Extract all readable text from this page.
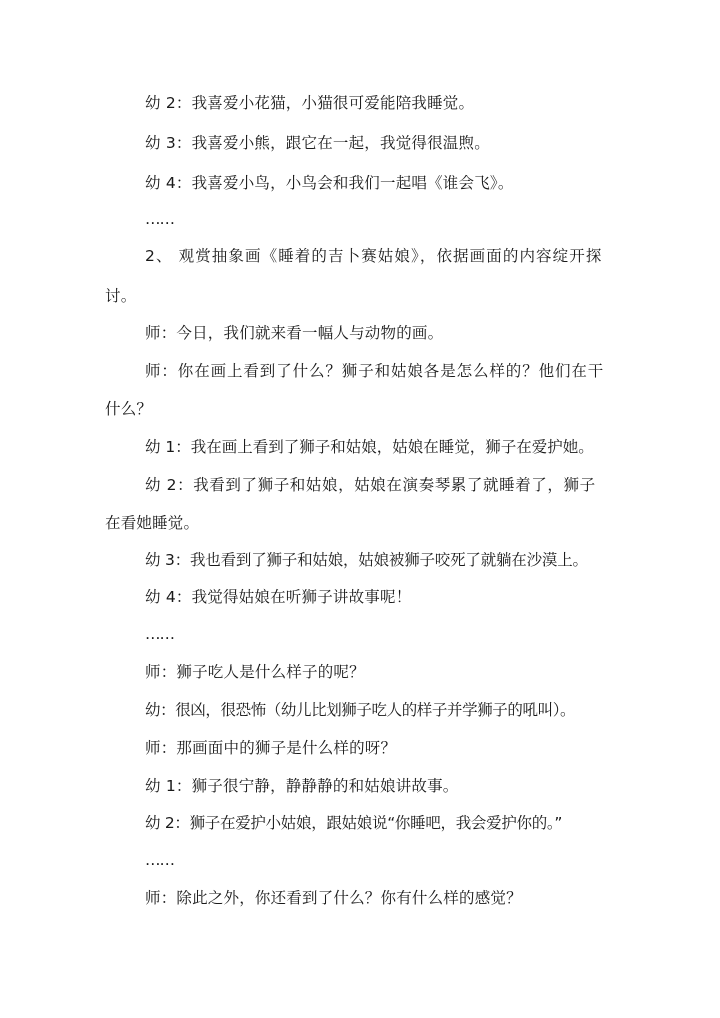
幼 2：我喜爱小花猫，小猫很可爱能陪我睡觉。
幼 3：我喜爱小熊，跟它在一起，我觉得很温煦。
幼 4：我喜爱小鸟，小鸟会和我们一起唱《谁会飞》。
……
2、 观赏抽象画《睡着的吉卜赛姑娘》，依据画面的内容绽开探
讨。
师：今日，我们就来看一幅人与动物的画。
师：你在画上看到了什么？狮子和姑娘各是怎么样的？他们在干
什么？
幼 1：我在画上看到了狮子和姑娘，姑娘在睡觉，狮子在爱护她。
幼 2：我看到了狮子和姑娘，姑娘在演奏琴累了就睡着了，狮子
在看她睡觉。
幼 3：我也看到了狮子和姑娘，姑娘被狮子咬死了就躺在沙漠上。
幼 4：我觉得姑娘在听狮子讲故事呢！
……
师：狮子吃人是什么样子的呢？
幼：很凶，很恐怖（幼儿比划狮子吃人的样子并学狮子的吼叫）。
师：那画面中的狮子是什么样的呀？
幼 1：狮子很宁静，静静静的和姑娘讲故事。
幼 2：狮子在爱护小姑娘，跟姑娘说“你睡吧，我会爱护你的。”
……
师：除此之外，你还看到了什么？你有什么样的感觉？
